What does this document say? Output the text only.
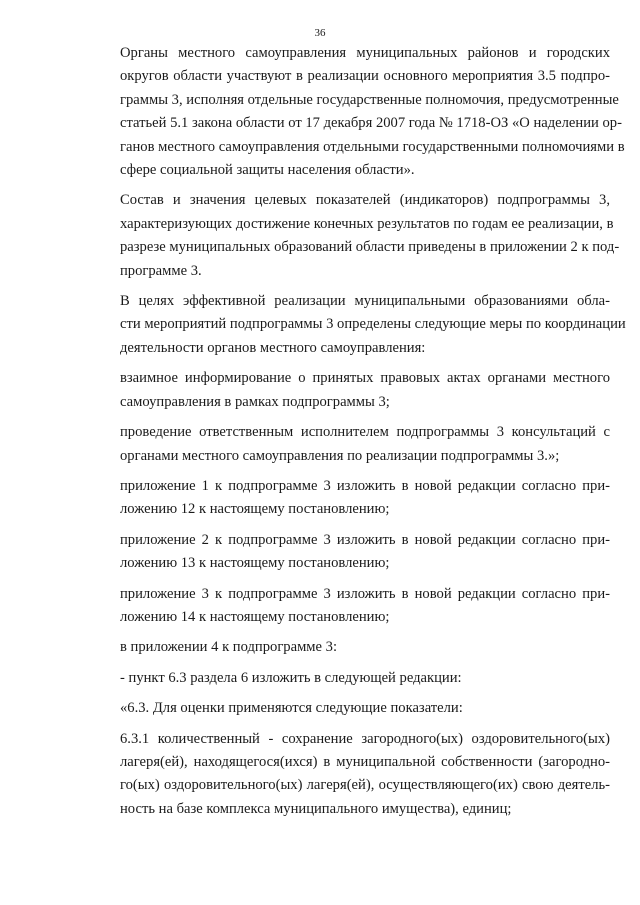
36
Органы местного самоуправления муниципальных районов и городских
округов области участвуют в реализации основного мероприятия 3.5 подпро-
граммы 3, исполняя отдельные государственные полномочия, предусмотренные
статьей 5.1 закона области от 17 декабря 2007 года № 1718-ОЗ «О наделении ор-
ганов местного самоуправления отдельными государственными полномочиями в
сфере социальной защиты населения области».
Состав и значения целевых показателей (индикаторов) подпрограммы 3,
характеризующих достижение конечных результатов по годам ее реализации, в
разрезе муниципальных образований области приведены в приложении 2 к под-
программе 3.
В целях эффективной реализации муниципальными образованиями обла-
сти мероприятий подпрограммы 3 определены следующие меры по координации
деятельности органов местного самоуправления:
взаимное информирование о принятых правовых актах органами местного
самоуправления в рамках подпрограммы 3;
проведение ответственным исполнителем подпрограммы 3 консультаций с
органами местного самоуправления по реализации подпрограммы 3.»;
приложение 1 к подпрограмме 3 изложить в новой редакции согласно при-
ложению 12 к настоящему постановлению;
приложение 2 к подпрограмме 3 изложить в новой редакции согласно при-
ложению 13 к настоящему постановлению;
приложение 3 к подпрограмме 3 изложить в новой редакции согласно при-
ложению 14 к настоящему постановлению;
в приложении 4 к подпрограмме 3:
- пункт 6.3 раздела 6 изложить в следующей редакции:
«6.3. Для оценки применяются следующие показатели:
6.3.1 количественный - сохранение загородного(ых) оздоровительного(ых)
лагеря(ей), находящегося(ихся) в муниципальной собственности (загородно-
го(ых) оздоровительного(ых) лагеря(ей), осуществляющего(их) свою деятель-
ность на базе комплекса муниципального имущества), единиц;
